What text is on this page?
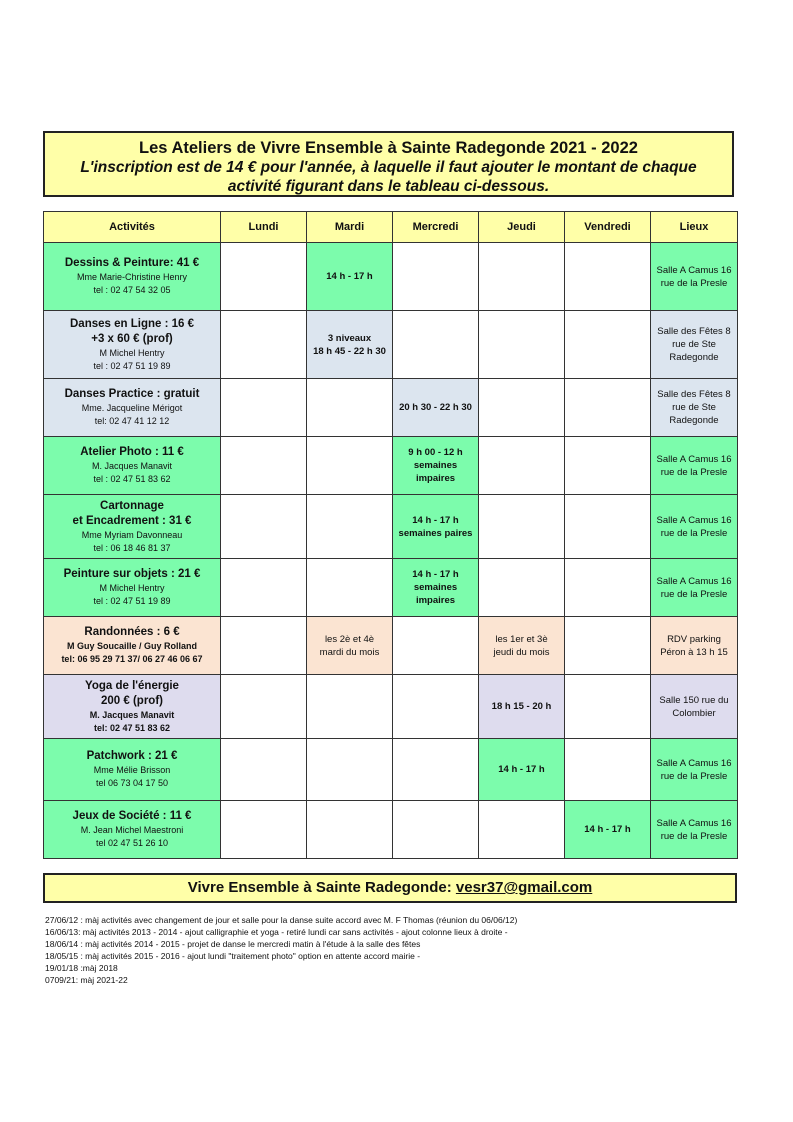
Les Ateliers de Vivre Ensemble à Sainte Radegonde 2021 - 2022
L'inscription est de 14 € pour l'année, à laquelle il faut ajouter le montant de chaque
activité figurant dans le tableau ci-dessous.
Activités	Lundi	Mardi	Mercredi	Jeudi	Vendredi	Lieux

Dessins & Peinture: 41 €
Mme Marie-Christine Henry
tel : 02 47 54 32 05		14 h - 17 h				Salle A Camus 16 rue de la Presle

Danses en Ligne : 16 €
+3 x 60 € (prof)
M Michel Hentry
tel : 02 47 51 19 89		3 niveaux
18 h 45 - 22 h 30				Salle des Fêtes 8 rue de Ste Radegonde

Danses Practice : gratuit
Mme. Jacqueline Mérigot
tel: 02 47 41 12 12			20 h 30 - 22 h 30			Salle des Fêtes 8 rue de Ste Radegonde

Atelier Photo : 11 €
M. Jacques Manavit
tel : 02 47 51 83 62			9 h 00 - 12 h
semaines
impaires			Salle A Camus 16 rue de la Presle

Cartonnage
et Encadrement : 31 €
Mme Myriam Davonneau
tel : 06 18 46 81 37			14 h - 17 h
semaines paires			Salle A Camus 16 rue de la Presle

Peinture sur objets : 21 €
M Michel Hentry
tel : 02 47 51 19 89			14 h - 17 h
semaines
impaires			Salle A Camus 16 rue de la Presle

Randonnées : 6 €
M Guy Soucaille / Guy Rolland
tel: 06 95 29 71 37/ 06 27 46 06 67		les 2è et 4è
mardi du mois		les 1er et 3è
jeudi du mois		RDV parking Péron à 13 h 15

Yoga de l'énergie
200 € (prof)
M. Jacques Manavit
tel: 02 47 51 83 62				18 h 15 - 20 h		Salle 150 rue du Colombier

Patchwork : 21 €
Mme Mélie Brisson
tel 06 73 04 17 50				14 h - 17 h		Salle A Camus 16 rue de la Presle

Jeux de Société : 11 €
M. Jean Michel Maestroni
tel 02 47 51 26 10					14 h - 17 h	Salle A Camus 16 rue de la Presle
Vivre Ensemble à Sainte Radegonde: vesr37@gmail.com
27/06/12 : màj activités avec changement de jour et salle pour la danse suite accord avec M. F Thomas (réunion du 06/06/12)
16/06/13: màj activités 2013 - 2014 - ajout calligraphie et yoga - retiré lundi car sans activités - ajout colonne lieux à droite -
18/06/14 : màj activités 2014 - 2015 - projet de danse le mercredi matin à l'étude à la salle des fêtes
18/05/15 : màj activités 2015 - 2016 - ajout lundi "traitement photo" option en attente accord mairie -
19/01/18 :màj 2018
0709/21: màj 2021-22
